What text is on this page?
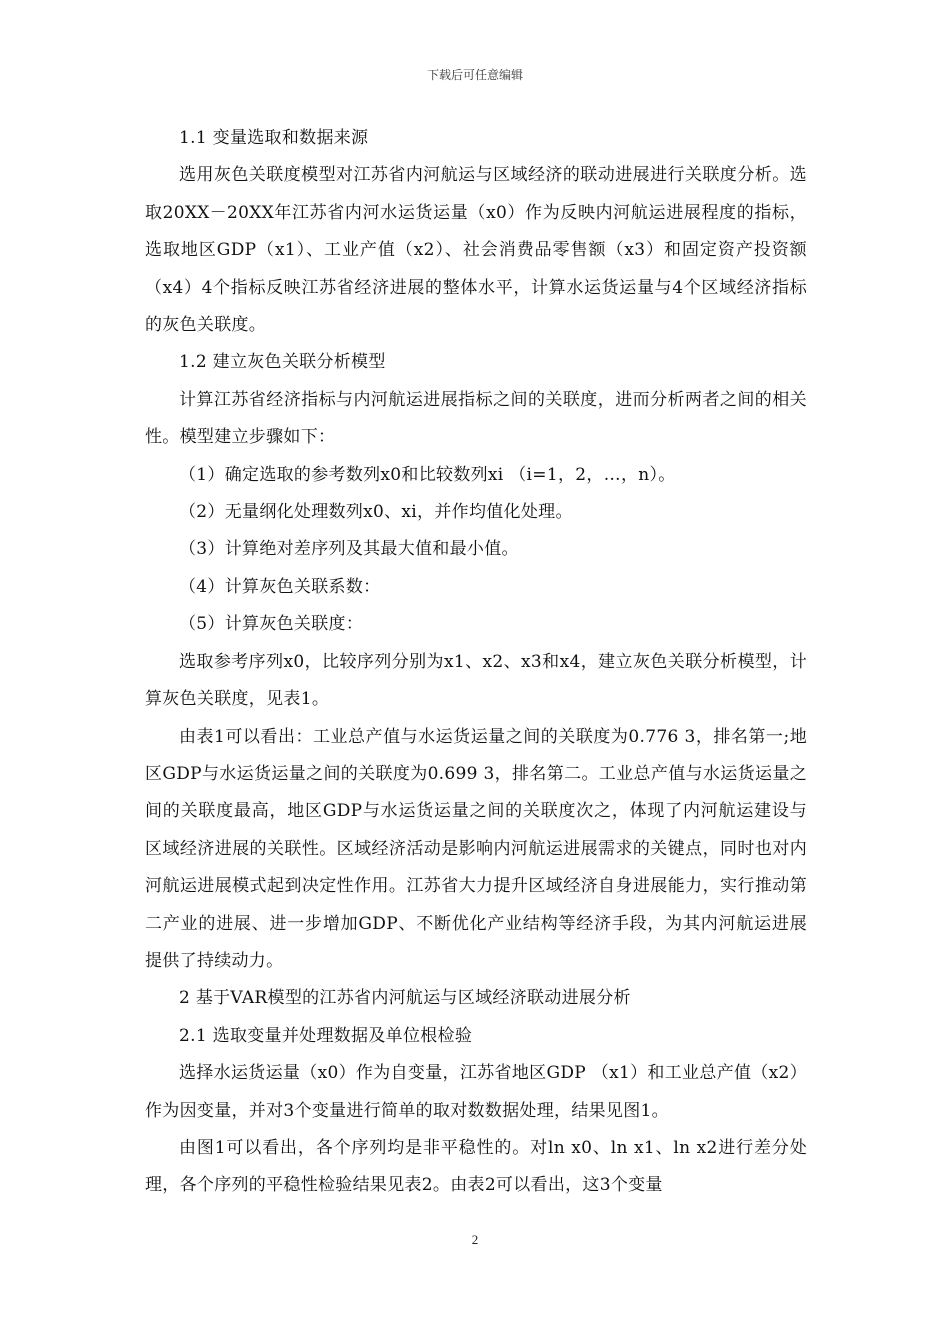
下载后可任意编辑

1.1 变量选取和数据来源

选用灰色关联度模型对江苏省内河航运与区域经济的联动进展进行关联度分析。选取20XX－20XX年江苏省内河水运货运量（x0）作为反映内河航运进展程度的指标，选取地区GDP（x1）、工业产值（x2）、社会消费品零售额（x3）和固定资产投资额（x4）4个指标反映江苏省经济进展的整体水平，计算水运货运量与4个区域经济指标的灰色关联度。

1.2 建立灰色关联分析模型

计算江苏省经济指标与内河航运进展指标之间的关联度，进而分析两者之间的相关性。模型建立步骤如下：

（1）确定选取的参考数列x0和比较数列xi （i=1，2，…，n）。

（2）无量纲化处理数列x0、xi，并作均值化处理。

（3）计算绝对差序列及其最大值和最小值。

（4）计算灰色关联系数：

（5）计算灰色关联度：

选取参考序列x0，比较序列分别为x1、x2、x3和x4，建立灰色关联分析模型，计算灰色关联度，见表1。

由表1可以看出：工业总产值与水运货运量之间的关联度为0.776 3，排名第一;地区GDP与水运货运量之间的关联度为0.699 3，排名第二。工业总产值与水运货运量之间的关联度最高，地区GDP与水运货运量之间的关联度次之，体现了内河航运建设与区域经济进展的关联性。区域经济活动是影响内河航运进展需求的关键点，同时也对内河航运进展模式起到决定性作用。江苏省大力提升区域经济自身进展能力，实行推动第二产业的进展、进一步增加GDP、不断优化产业结构等经济手段，为其内河航运进展提供了持续动力。

2 基于VAR模型的江苏省内河航运与区域经济联动进展分析

2.1 选取变量并处理数据及单位根检验

选择水运货运量（x0）作为自变量，江苏省地区GDP （x1）和工业总产值（x2）作为因变量，并对3个变量进行简单的取对数数据处理，结果见图1。

由图1可以看出，各个序列均是非平稳性的。对ln x0、ln x1、ln x2进行差分处理，各个序列的平稳性检验结果见表2。由表2可以看出，这3个变量

2
